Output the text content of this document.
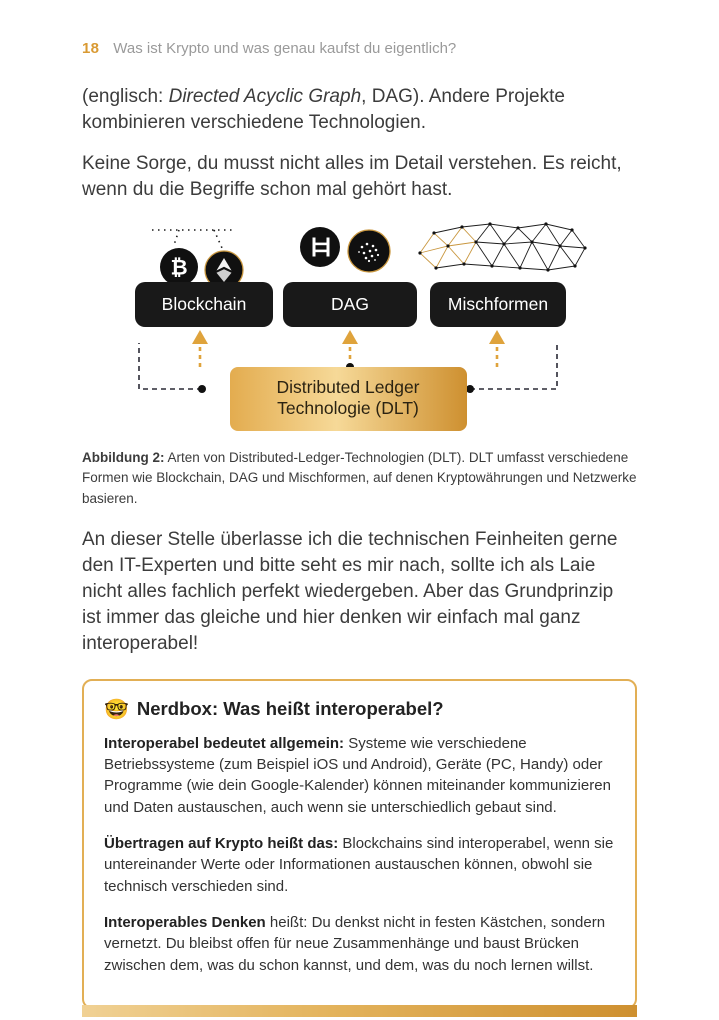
18 Was ist Krypto und was genau kaufst du eigentlich?

(englisch: Directed Acyclic Graph, DAG). Andere Projekte kombinieren verschiedene Technologien.

Keine Sorge, du musst nicht alles im Detail verstehen. Es reicht, wenn du die Begriffe schon mal gehört hast.

₿
Blockchain	DAG	Mischformen
Distributed Ledger
Technologie (DLT)

Abbildung 2: Arten von Distributed-Ledger-Technologien (DLT). DLT umfasst verschiedene Formen wie Blockchain, DAG und Mischformen, auf denen Kryptowährungen und Netzwerke basieren.

An dieser Stelle überlasse ich die technischen Feinheiten gerne den IT-Experten und bitte seht es mir nach, sollte ich als Laie nicht alles fachlich perfekt wiedergeben. Aber das Grundprinzip ist immer das gleiche und hier denken wir einfach mal ganz interoperabel!

🤓 Nerdbox: Was heißt interoperabel?

Interoperabel bedeutet allgemein: Systeme wie verschiedene Betriebssysteme (zum Beispiel iOS und Android), Geräte (PC, Handy) oder Programme (wie dein Google-Kalender) können miteinander kommunizieren und Daten austauschen, auch wenn sie unterschiedlich gebaut sind.

Übertragen auf Krypto heißt das: Blockchains sind interoperabel, wenn sie untereinander Werte oder Informationen austauschen können, obwohl sie technisch verschieden sind.

Interoperables Denken heißt: Du denkst nicht in festen Kästchen, sondern vernetzt. Du bleibst offen für neue Zusammenhänge und baust Brücken zwischen dem, was du schon kannst, und dem, was du noch lernen willst.
